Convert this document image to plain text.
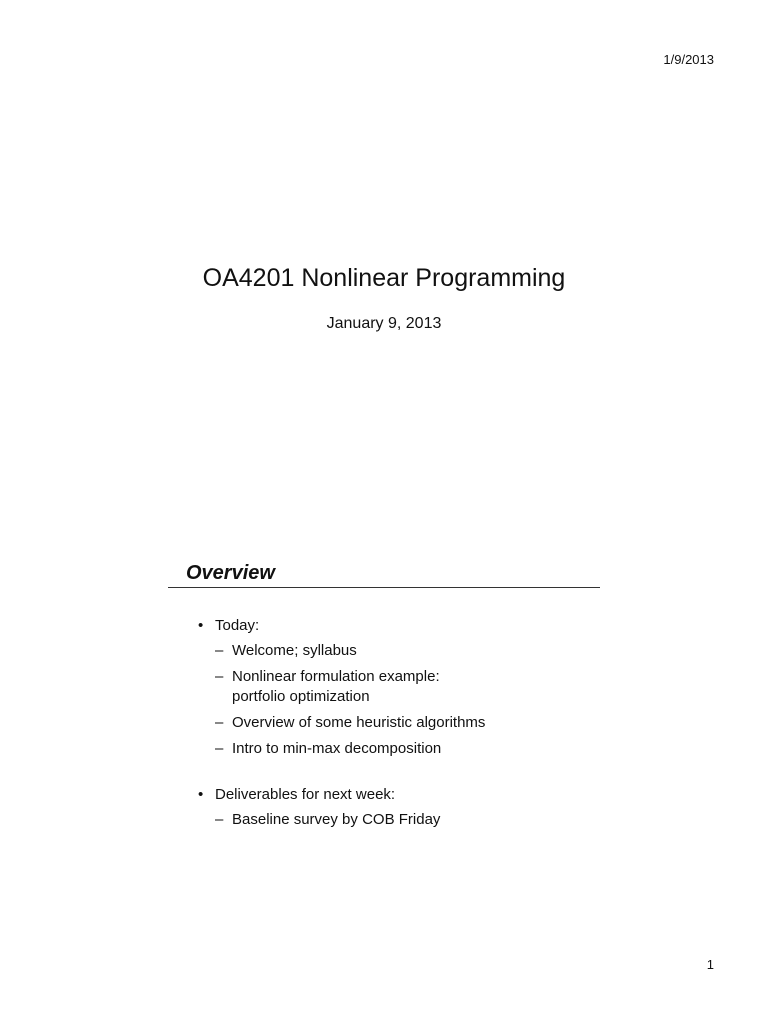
1/9/2013
OA4201 Nonlinear Programming
January 9, 2013
Overview
• Today:
– Welcome; syllabus
– Nonlinear formulation example:
portfolio optimization
– Overview of some heuristic algorithms
– Intro to min-max decomposition
• Deliverables for next week:
– Baseline survey by COB Friday
1
